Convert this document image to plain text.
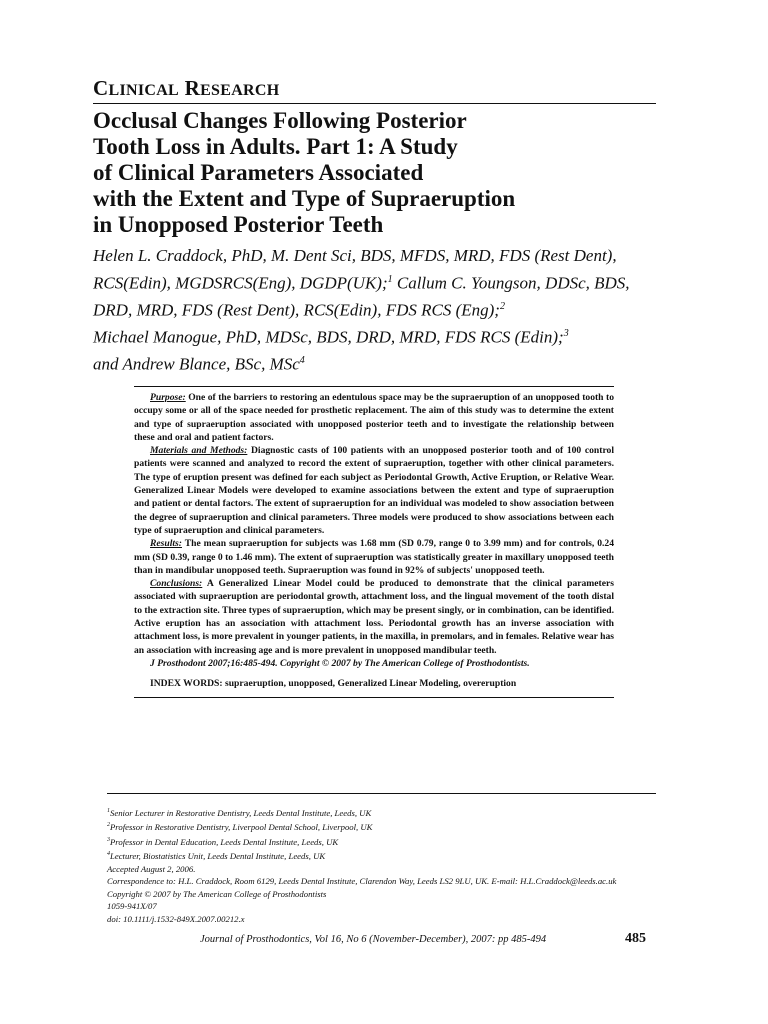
CLINICAL RESEARCH
Occlusal Changes Following Posterior
Tooth Loss in Adults. Part 1: A Study
of Clinical Parameters Associated
with the Extent and Type of Supraeruption
in Unopposed Posterior Teeth
Helen L. Craddock, PhD, M. Dent Sci, BDS, MFDS, MRD, FDS (Rest Dent),
RCS(Edin), MGDSRCS(Eng), DGDP(UK);$^1$ Callum C. Youngson, DDSc, BDS,
DRD, MRD, FDS (Rest Dent), RCS(Edin), FDS RCS (Eng);$^2$
Michael Manogue, PhD, MDSc, BDS, DRD, MRD, FDS RCS (Edin);$^3$
and Andrew Blance, BSc, MSc$^4$

Purpose: One of the barriers to restoring an edentulous space may be the supraeruption of an unopposed tooth to occupy some or all of the space needed for prosthetic replacement. The aim of this study was to determine the extent and type of supraeruption associated with unopposed posterior teeth and to investigate the relationship between these and oral and patient factors.

Materials and Methods: Diagnostic casts of 100 patients with an unopposed posterior tooth and of 100 control patients were scanned and analyzed to record the extent of supraeruption, together with other clinical parameters. The type of eruption present was defined for each subject as Periodontal Growth, Active Eruption, or Relative Wear. Generalized Linear Models were developed to examine associations between the extent and type of supraeruption and patient or dental factors. The extent of supraeruption for an individual was modeled to show association between the degree of supraeruption and clinical parameters. Three models were produced to show associations between each type of supraeruption and clinical parameters.

Results: The mean supraeruption for subjects was 1.68 mm (SD 0.79, range 0 to 3.99 mm) and for controls, 0.24 mm (SD 0.39, range 0 to 1.46 mm). The extent of supraeruption was statistically greater in maxillary unopposed teeth than in mandibular unopposed teeth. Supraeruption was found in 92% of subjects' unopposed teeth.

Conclusions: A Generalized Linear Model could be produced to demonstrate that the clinical parameters associated with supraeruption are periodontal growth, attachment loss, and the lingual movement of the tooth distal to the extraction site. Three types of supraeruption, which may be present singly, or in combination, can be identified. Active eruption has an association with attachment loss. Periodontal growth has an inverse association with attachment loss, is more prevalent in younger patients, in the maxilla, in premolars, and in females. Relative wear has an association with increasing age and is more prevalent in unopposed mandibular teeth.

J Prosthodont 2007;16:485-494. Copyright © 2007 by The American College of Prosthodontists.

INDEX WORDS: supraeruption, unopposed, Generalized Linear Modeling, overeruption
$^1$Senior Lecturer in Restorative Dentistry, Leeds Dental Institute, Leeds, UK
$^2$Professor in Restorative Dentistry, Liverpool Dental School, Liverpool, UK
$^3$Professor in Dental Education, Leeds Dental Institute, Leeds, UK
$^4$Lecturer, Biostatistics Unit, Leeds Dental Institute, Leeds, UK
Accepted August 2, 2006.
Correspondence to: H.L. Craddock, Room 6129, Leeds Dental Institute, Clarendon Way, Leeds LS2 9LU, UK. E-mail: H.L.Craddock@leeds.ac.uk
Copyright © 2007 by The American College of Prosthodontists
1059-941X/07
doi: 10.1111/j.1532-849X.2007.00212.x
Journal of Prosthodontics, Vol 16, No 6 (November-December), 2007: pp 485-494	485
